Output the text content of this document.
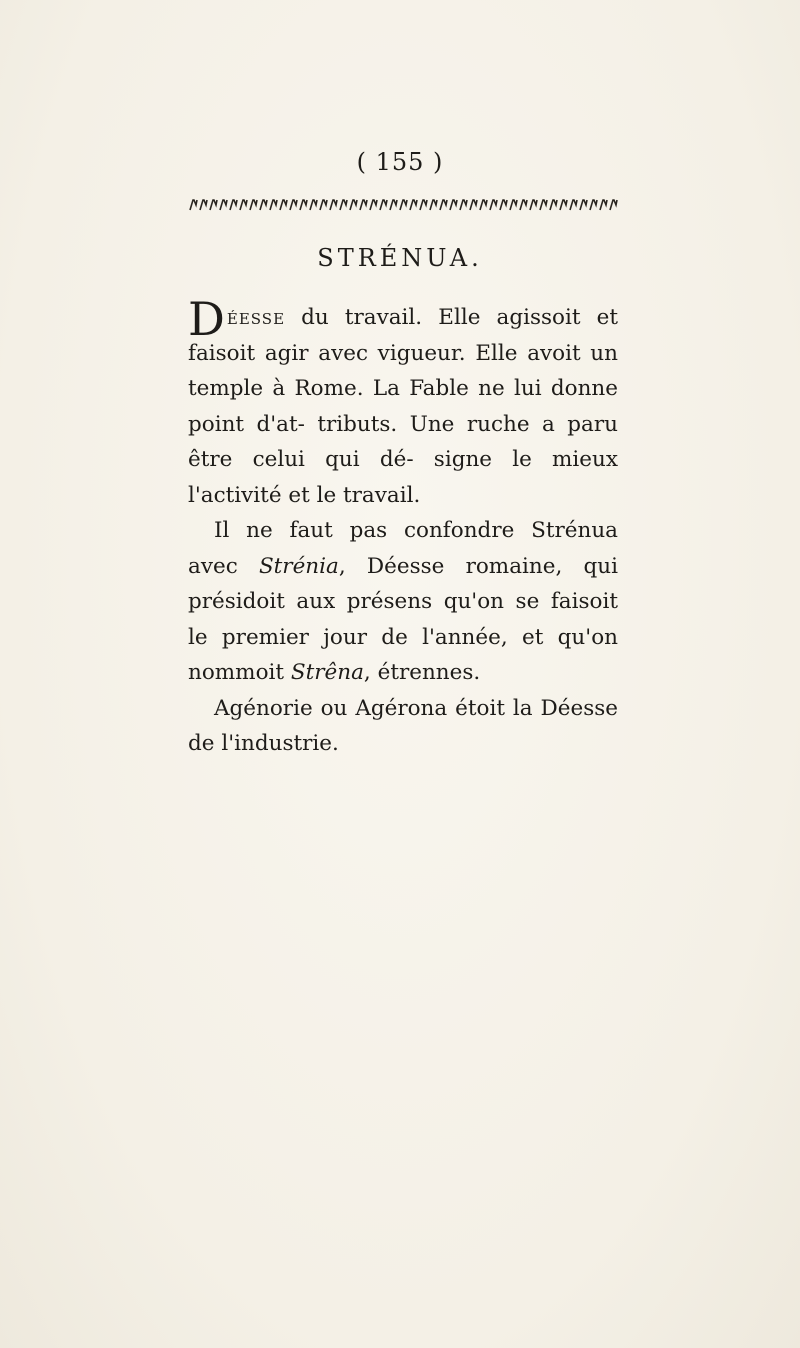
( 155 )
STRÉNUA.

Déesse du travail. Elle agissoit et faisoit agir avec vigueur. Elle avoit un temple à Rome. La Fable ne lui donne point d'at- tributs. Une ruche a paru être celui qui dé- signe le mieux l'activité et le travail.

Il ne faut pas confondre Strénua avec Strénia, Déesse romaine, qui présidoit aux présens qu'on se faisoit le premier jour de l'année, et qu'on nommoit Strêna, étrennes.

Agénorie ou Agérona étoit la Déesse de l'industrie.
